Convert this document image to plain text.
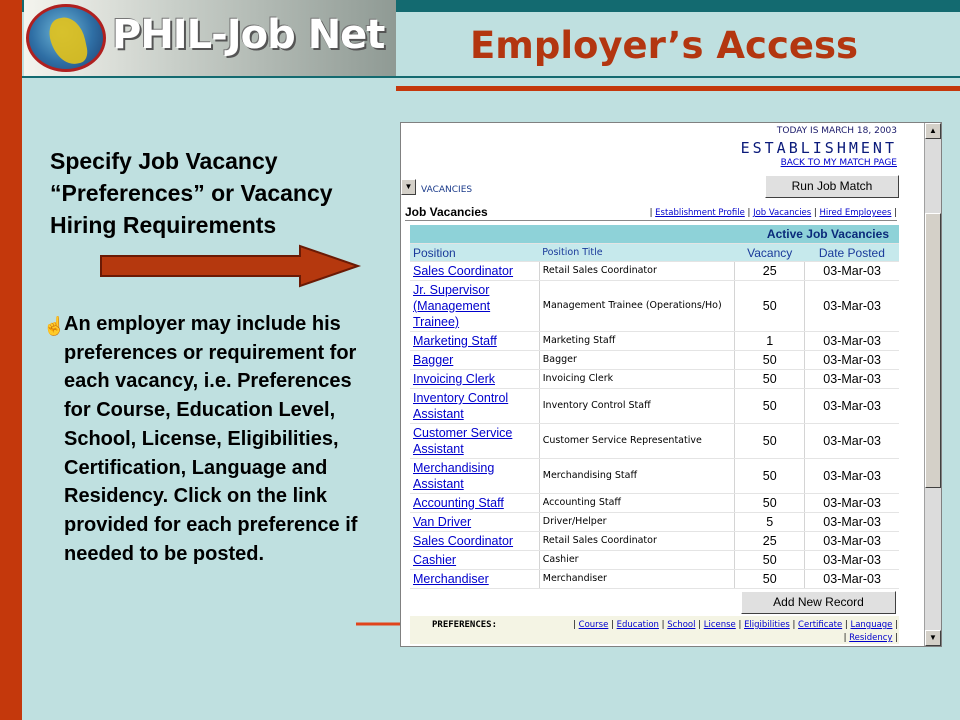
PHIL-Job Net Employer’s Access
Specify Job Vacancy “Preferences” or Vacancy Hiring Requirements
☝
An employer may include his preferences or requirement for each vacancy, i.e. Preferences for Course, Education Level, School, License, Eligibilities, Certification, Language and Residency. Click on the link provided for each preference if needed to be posted.
▲
▼
TODAY IS MARCH 18, 2003
ESTABLISHMENT
BACK TO MY MATCH PAGE
▼ VACANCIES	Run Job Match
Job Vacancies	| Establishment Profile | Job Vacancies | Hired Employees |
Active Job Vacancies			
Position	Position Title	Vacancy	Date Posted
Sales Coordinator	Retail Sales Coordinator	25	03-Mar-03
Jr. Supervisor (Management Trainee)	Management Trainee (Operations/Ho)	50	03-Mar-03
Marketing Staff	Marketing Staff	1	03-Mar-03
Bagger	Bagger	50	03-Mar-03
Invoicing Clerk	Invoicing Clerk	50	03-Mar-03
Inventory Control Assistant	Inventory Control Staff	50	03-Mar-03
Customer Service Assistant	Customer Service Representative	50	03-Mar-03
Merchandising Assistant	Merchandising Staff	50	03-Mar-03
Accounting Staff	Accounting Staff	50	03-Mar-03
Van Driver	Driver/Helper	5	03-Mar-03
Sales Coordinator	Retail Sales Coordinator	25	03-Mar-03
Cashier	Cashier	50	03-Mar-03
Merchandiser	Merchandiser	50	03-Mar-03
Add New Record
PREFERENCES:	| Course | Education | School | License | Eligibilities | Certificate | Language |
| Residency |
